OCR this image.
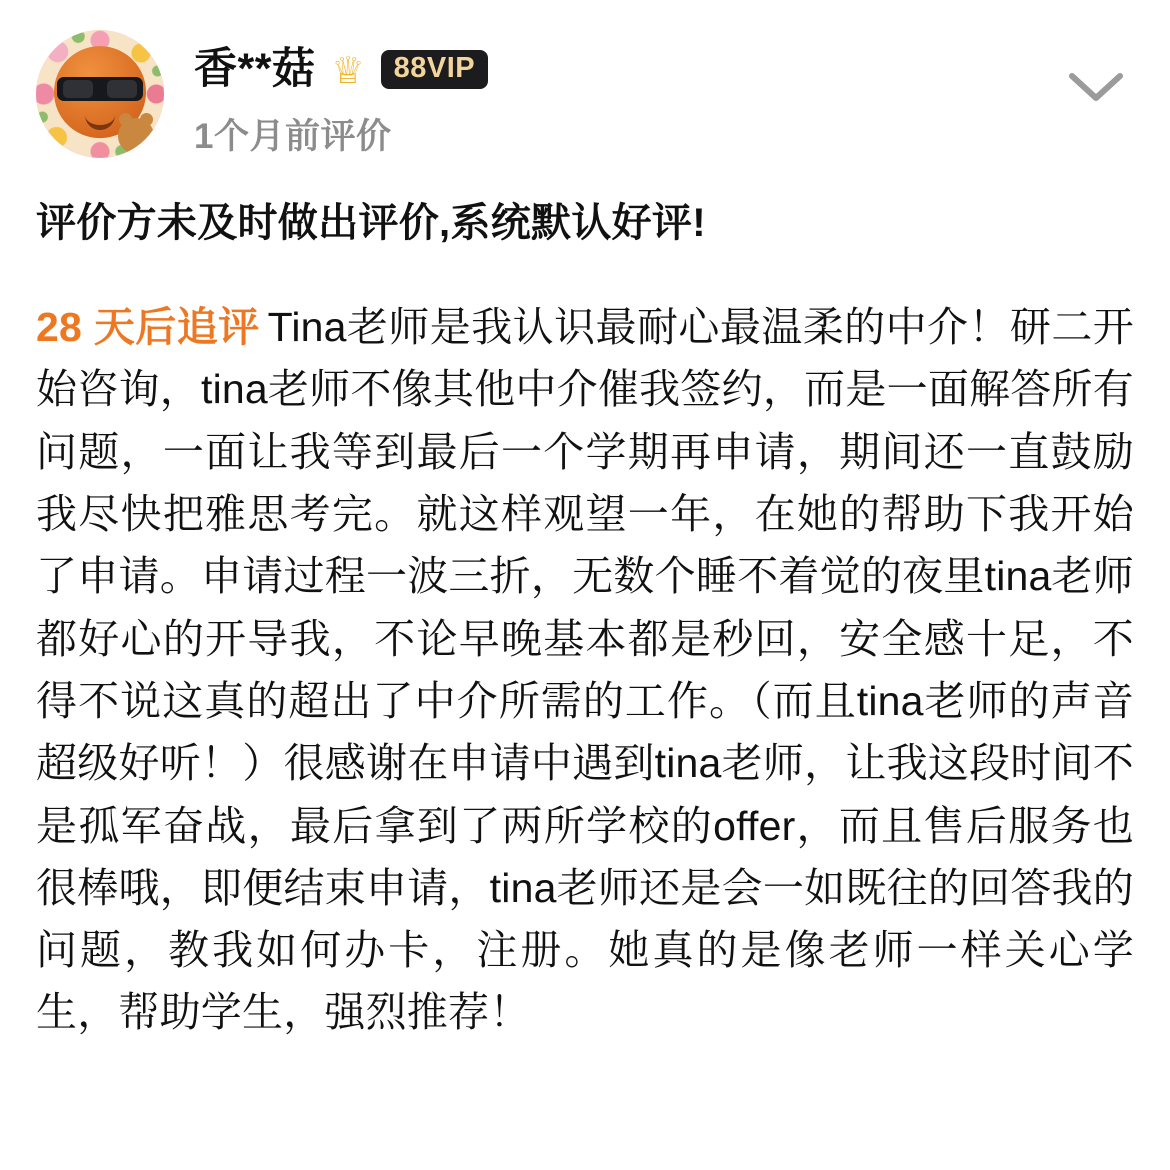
香**菇 ♕	88VIP
1个月前评价
评价方未及时做出评价,系统默认好评!
28 天后追评 Tina老师是我认识最耐心最温柔的中介！研二开始咨询，tina老师不像其他中介催我签约，而是一面解答所有问题，一面让我等到最后一个学期再申请，期间还一直鼓励我尽快把雅思考完。就这样观望一年，在她的帮助下我开始了申请。申请过程一波三折，无数个睡不着觉的夜里tina老师都好心的开导我，不论早晚基本都是秒回，安全感十足，不得不说这真的超出了中介所需的工作。（而且tina老师的声音超级好听！）很感谢在申请中遇到tina老师，让我这段时间不是孤军奋战，最后拿到了两所学校的offer，而且售后服务也很棒哦，即便结束申请，tina老师还是会一如既往的回答我的问题，教我如何办卡，注册。她真的是像老师一样关心学生，帮助学生，强烈推荐！
